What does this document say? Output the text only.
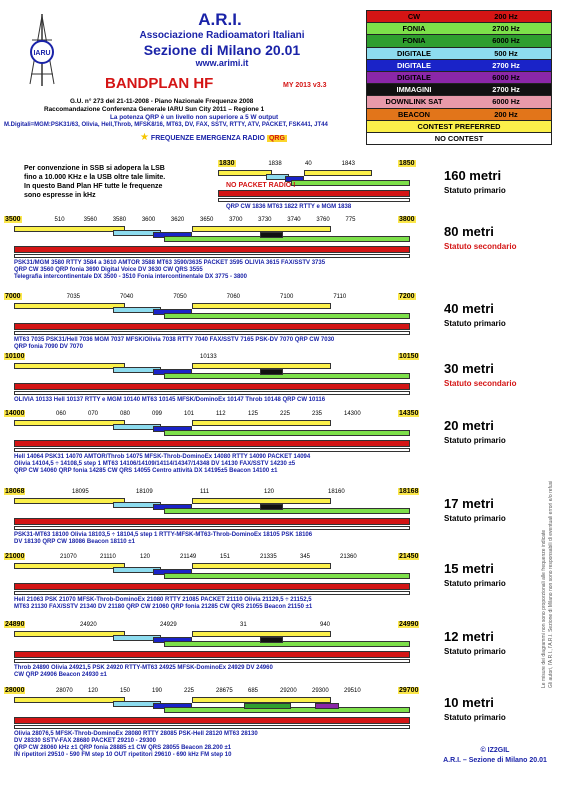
IARU
A.R.I.
Associazione Radioamatori Italiani
Sezione di Milano 20.01
www.arimi.it
BANDPLAN HF	MY 2013 v3.3
G.U. n° 273 del 21-11-2008 - Piano Nazionale Frequenze 2008
Raccomandazione Conferenza Generale IARU Sun City 2011 – Regione 1
La potenza QRP è un livello non superiore a 5 W output
M.Digitali=MGM:PSK31/63, Olivia, Hell,Throb, MFSK8/16, MT63, DV, FAX, SSTV, RTTY, ATV, PACKET, FSK441, JT44
★ FREQUENZE EMERGENZA RADIO QRG
CW	200 Hz
FONIA	2700 Hz
FONIA	6000 Hz
DIGITALE	500 Hz
DIGITALE	2700 Hz
DIGITALE	6000 Hz
IMMAGINI	2700 Hz
DOWNLINK SAT	6000 Hz
BEACON	200 Hz
CONTEST PREFERRED
NO CONTEST
Per convenzione in SSB si adopera la LSB
fino a 10.000 KHz e la USB oltre tale limite.
In questo Band Plan HF tutte le frequenze
sono espresse in kHz
1830	1850
1838	40	1843
NO PACKET RADIO !
160 metri
Statuto primario
QRP CW 1836 MT63 1822 RTTY e MGM 1838
3500	3800
510	3560	3580	3600	3620	3650	3700	3730	3740	3760	775
80 metri
Statuto secondario
PSK31/MGM 3580 RTTY 3584 a 3610 AMTOR 3588 MT63 3590/3635 PACKET 3595 OLIVIA 3615 FAX/SSTV 3735
QRP CW 3560 QRP fonia 3690 Digital Voice DV 3630 CW QRS 3555
Telegrafia intercontinentale DX 3500 - 3510 Fonia intercontinentale DX 3775 - 3800
7000	7200
7035	7040	7050	7060	7100	7110
40 metri
Statuto primario
MT63 7035 PSK31/Hell 7036 MGM 7037 MFSK/Olivia 7038 RTTY 7040 FAX/SSTV 7165 PSK-DV 7070 QRP CW 7030
QRP fonia 7090 DV 7070
10100	10150
10133
30 metri
Statuto secondario
OLIVIA 10133 Hell 10137 RTTY e MGM 10140 MT63 10145 MFSK/DominoEx 10147 Throb 10148 QRP CW 10116
14000	14350
060	070	080	099	101	112	125	225	235	14300
20 metri
Statuto primario
Hell 14064 PSK31 14070 AMTOR/Throb 14075 MFSK-Throb-DominoEx 14080 RTTY 14090 PACKET 14094
Olivia 14104,5 ÷ 14108,5 step 1 MT63 14106/14109/14114/14347/14348 DV 14130 FAX/SSTV 14230 ±5
QRP CW 14060 QRP fonia 14285 CW QRS 14055 Centro attività DX 14195±5 Beacon 14100 ±1
18068	18168
18095	18109	111	120	18160
17 metri
Statuto primario
PSK31-MT63 18100 Olivia 18103,5 ÷ 18104,5 step 1 RTTY-MFSK-MT63-Throb-DominoEx 18105 PSK 18106
DV 18130 QRP CW 18086 Beacon 18110 ±1
21000	21450
21070	21110	120	21149	151	21335	345	21360
15 metri
Statuto primario
Hell 21063 PSK 21070 MFSK-Throb-DominoEx 21080 RTTY 21085 PACKET 21110 Olivia 21129,5 ÷ 21152,5
MT63 21130 FAX/SSTV 21340 DV 21180 QRP CW 21060 QRP fonia 21285 CW QRS 21055 Beacon 21150 ±1
24890	24990
24920	24929	31	940
12 metri
Statuto primario
Throb 24890 Olivia 24921,5 PSK 24920 RTTY-MT63 24925 MFSK-DominoEx 24929 DV 24960
CW QRP 24906 Beacon 24930 ±1
28000	29700
28070	120	150	190	225	28675	685	29200	29300	29510
10 metri
Statuto primario
Olivia 28076,5 MFSK-Throb-DominoEx 28080 RTTY 28085 PSK-Hell 28120 MT63 28130
DV 28330 SSTV-FAX 28680 PACKET 29210 - 29300
QRP CW 28060 kHz ±1 QRP fonia 28885 ±1 CW QRS 28055 Beacon 28.200 ±1
IN ripetitori 29510 - 590 FM step 10 OUT ripetitori 29610 - 690 kHz FM step 10
Le misure dei diagrammi non sono proporzionali alle frequenze indicate Gli autori, l'A.R.I., l'A.R.I. Sezione di Milano non sono responsabili di eventuali errori e/o refusi
© IZ2GIL
A.R.I. – Sezione di Milano 20.01
